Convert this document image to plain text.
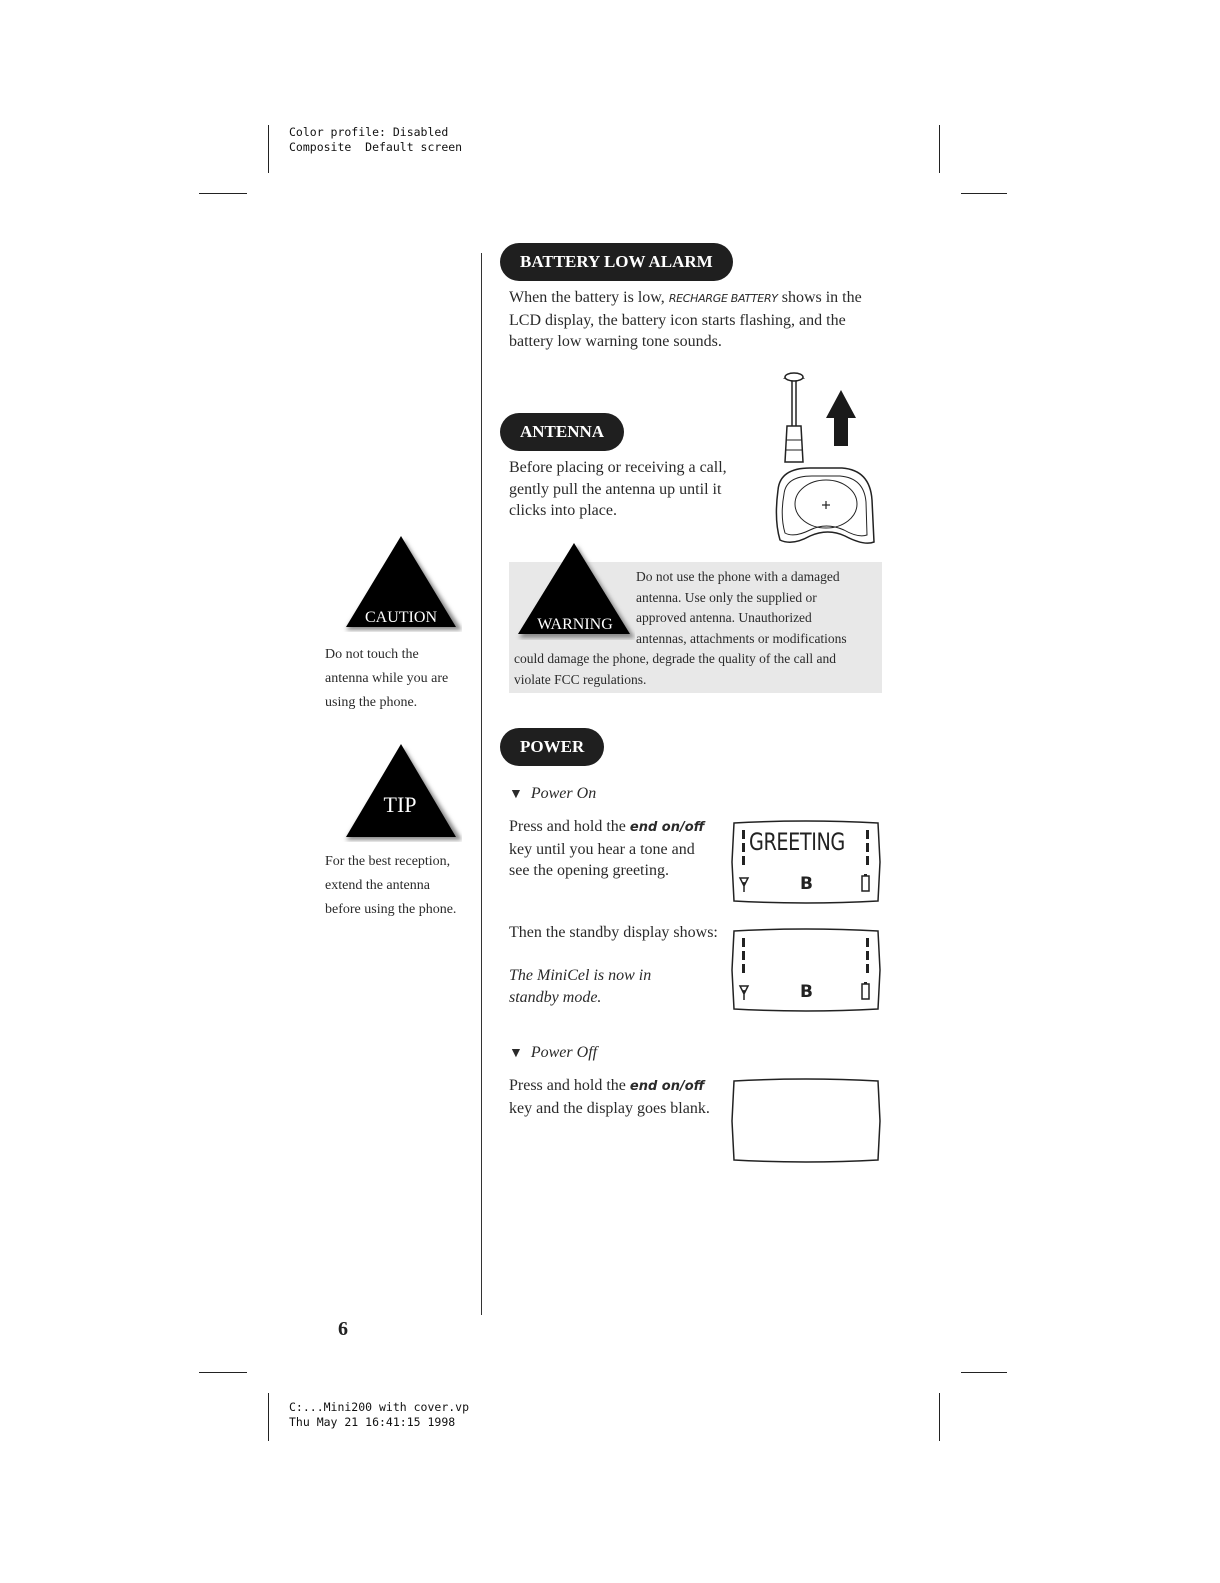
Color profile: Disabled
Composite  Default screen
C:...Mini200 with cover.vp
Thu May 21 16:41:15 1998
BATTERY LOW ALARM
When the battery is low, RECHARGE BATTERY shows in the
LCD display, the battery icon starts flashing, and the
battery low warning tone sounds.
ANTENNA
Before placing or receiving a call,
gently pull the antenna up until it
clicks into place.
WARNING
Do not use the phone with a damaged
antenna. Use only the supplied or
approved antenna. Unauthorized
antennas, attachments or modifications
could damage the phone, degrade the quality of the call and
violate FCC regulations.
CAUTION
Do not touch the
antenna while you are
using the phone.
TIP
For the best reception,
extend the antenna
before using the phone.
POWER
▼ Power On
Press and hold the end on/off
key until you hear a tone and
see the opening greeting.
GREETING
B
Then the standby display shows:
The MiniCel is now in
standby mode.	B
▼ Power Off
Press and hold the end on/off
key and the display goes blank.
6
